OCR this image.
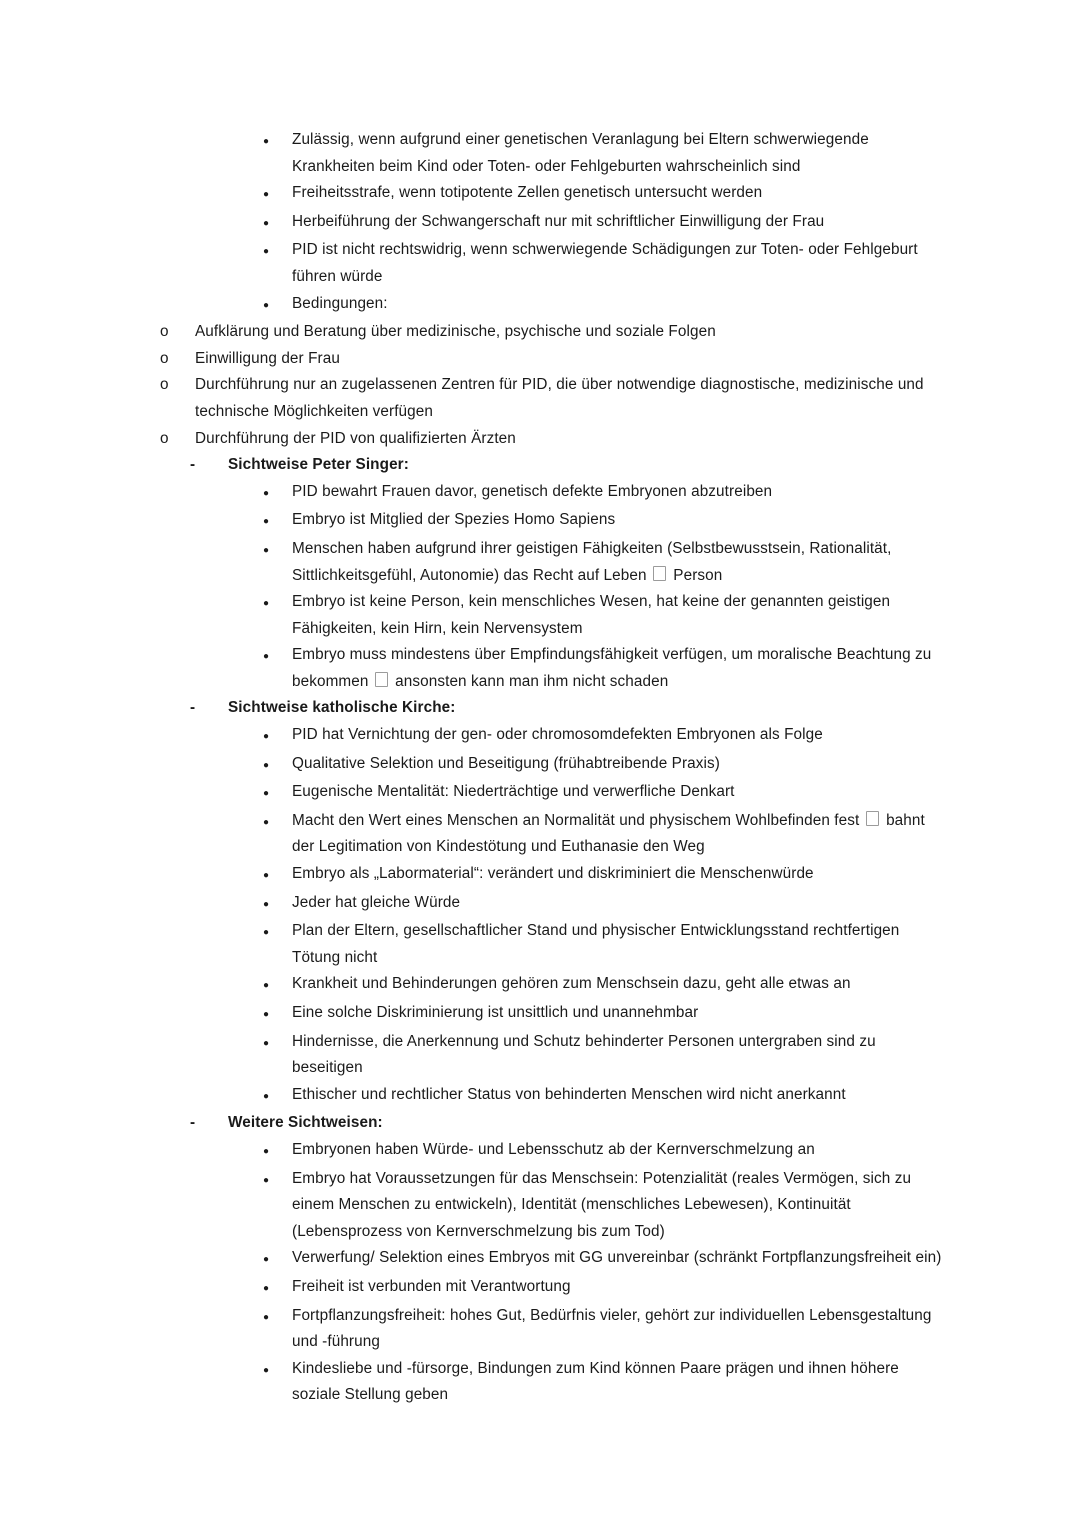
●	Zulässig, wenn aufgrund einer genetischen Veranlagung bei Eltern schwerwiegende Krankheiten beim Kind oder Toten- oder Fehlgeburten wahrscheinlich sind
●	Freiheitsstrafe, wenn totipotente Zellen genetisch untersucht werden
●	Herbeiführung der Schwangerschaft nur mit schriftlicher Einwilligung der Frau
●	PID ist nicht rechtswidrig, wenn schwerwiegende Schädigungen zur Toten- oder Fehlgeburt führen würde
●	Bedingungen:
o	Aufklärung und Beratung über medizinische, psychische und soziale Folgen
o	Einwilligung der Frau
o	Durchführung nur an zugelassenen Zentren für PID, die über notwendige diagnostische, medizinische und technische Möglichkeiten verfügen
o	Durchführung der PID von qualifizierten Ärzten
-	Sichtweise Peter Singer:
●	PID bewahrt Frauen davor, genetisch defekte Embryonen abzutreiben
●	Embryo ist Mitglied der Spezies Homo Sapiens
●	Menschen haben aufgrund ihrer geistigen Fähigkeiten (Selbstbewusstsein, Rationalität, Sittlichkeitsgefühl, Autonomie) das Recht auf Leben  Person
●	Embryo ist keine Person, kein menschliches Wesen, hat keine der genannten geistigen Fähigkeiten, kein Hirn, kein Nervensystem
●	Embryo muss mindestens über Empfindungsfähigkeit verfügen, um moralische Beachtung zu bekommen  ansonsten kann man ihm nicht schaden
-	Sichtweise katholische Kirche:
●	PID hat Vernichtung der gen- oder chromosomdefekten Embryonen als Folge
●	Qualitative Selektion und Beseitigung (frühabtreibende Praxis)
●	Eugenische Mentalität: Niederträchtige und verwerfliche Denkart
●	Macht den Wert eines Menschen an Normalität und physischem Wohlbefinden fest  bahnt der Legitimation von Kindestötung und Euthanasie den Weg
●	Embryo als „Labormaterial“: verändert und diskriminiert die Menschenwürde
●	Jeder hat gleiche Würde
●	Plan der Eltern, gesellschaftlicher Stand und physischer Entwicklungsstand rechtfertigen Tötung nicht
●	Krankheit und Behinderungen gehören zum Menschsein dazu, geht alle etwas an
●	Eine solche Diskriminierung ist unsittlich und unannehmbar
●	Hindernisse, die Anerkennung und Schutz behinderter Personen untergraben sind zu beseitigen
●	Ethischer und rechtlicher Status von behinderten Menschen wird nicht anerkannt
-	Weitere Sichtweisen:
●	Embryonen haben Würde- und Lebensschutz ab der Kernverschmelzung an
●	Embryo hat Voraussetzungen für das Menschsein: Potenzialität (reales Vermögen, sich zu einem Menschen zu entwickeln), Identität (menschliches Lebewesen), Kontinuität (Lebensprozess von Kernverschmelzung bis zum Tod)
●	Verwerfung/ Selektion eines Embryos mit GG unvereinbar (schränkt Fortpflanzungsfreiheit ein)
●	Freiheit ist verbunden mit Verantwortung
●	Fortpflanzungsfreiheit: hohes Gut, Bedürfnis vieler, gehört zur individuellen Lebensgestaltung und -führung
●	Kindesliebe und -fürsorge, Bindungen zum Kind können Paare prägen und ihnen höhere soziale Stellung geben
